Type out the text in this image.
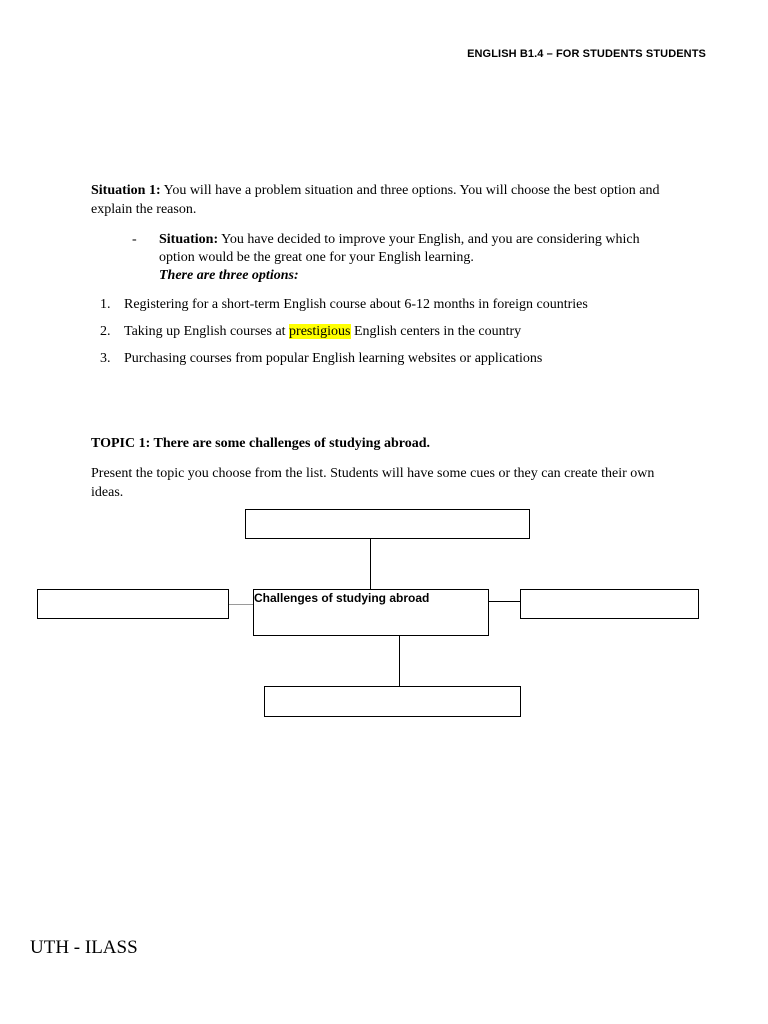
ENGLISH B1.4 – FOR STUDENTS STUDENTS

Situation 1: You will have a problem situation and three options. You will choose the best option and explain the reason.

- Situation: You have decided to improve your English, and you are considering which option would be the great one for your English learning.
There are three options:
1. Registering for a short-term English course about 6-12 months in foreign countries
2. Taking up English courses at prestigious English centers in the country
3. Purchasing courses from popular English learning websites or applications

TOPIC 1: There are some challenges of studying abroad.

Present the topic you choose from the list. Students will have some cues or they can create their own ideas.

Challenges of studying abroad
UTH - ILASS
